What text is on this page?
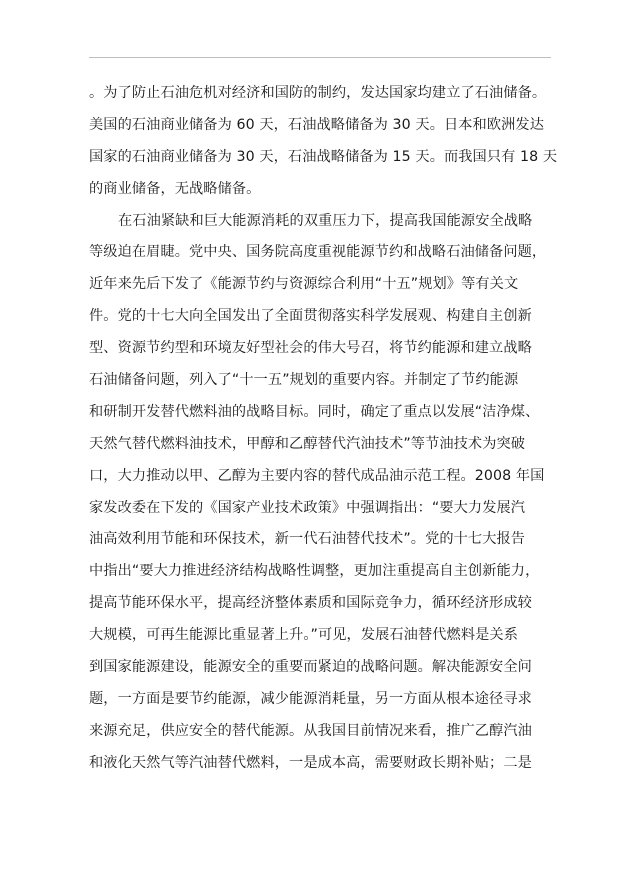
。为了防止石油危机对经济和国防的制约，发达国家均建立了石油储备。
美国的石油商业储备为 60 天，石油战略储备为 30 天。日本和欧洲发达
国家的石油商业储备为 30 天，石油战略储备为 15 天。而我国只有 18 天
的商业储备，无战略储备。
在石油紧缺和巨大能源消耗的双重压力下，提高我国能源安全战略
等级迫在眉睫。党中央、国务院高度重视能源节约和战略石油储备问题，
近年来先后下发了《能源节约与资源综合利用“十五”规划》等有关文
件。党的十七大向全国发出了全面贯彻落实科学发展观、构建自主创新
型、资源节约型和环境友好型社会的伟大号召，将节约能源和建立战略
石油储备问题，列入了“十一五”规划的重要内容。并制定了节约能源
和研制开发替代燃料油的战略目标。同时，确定了重点以发展“洁净煤、
天然气替代燃料油技术，甲醇和乙醇替代汽油技术”等节油技术为突破
口，大力推动以甲、乙醇为主要内容的替代成品油示范工程。2008 年国
家发改委在下发的《国家产业技术政策》中强调指出：“要大力发展汽
油高效利用节能和环保技术，新一代石油替代技术”。党的十七大报告
中指出“要大力推进经济结构战略性调整，更加注重提高自主创新能力，
提高节能环保水平，提高经济整体素质和国际竞争力，循环经济形成较
大规模，可再生能源比重显著上升。”可见，发展石油替代燃料是关系
到国家能源建设，能源安全的重要而紧迫的战略问题。解决能源安全问
题，一方面是要节约能源，减少能源消耗量，另一方面从根本途径寻求
来源充足，供应安全的替代能源。从我国目前情况来看，推广乙醇汽油
和液化天然气等汽油替代燃料，一是成本高，需要财政长期补贴；二是
